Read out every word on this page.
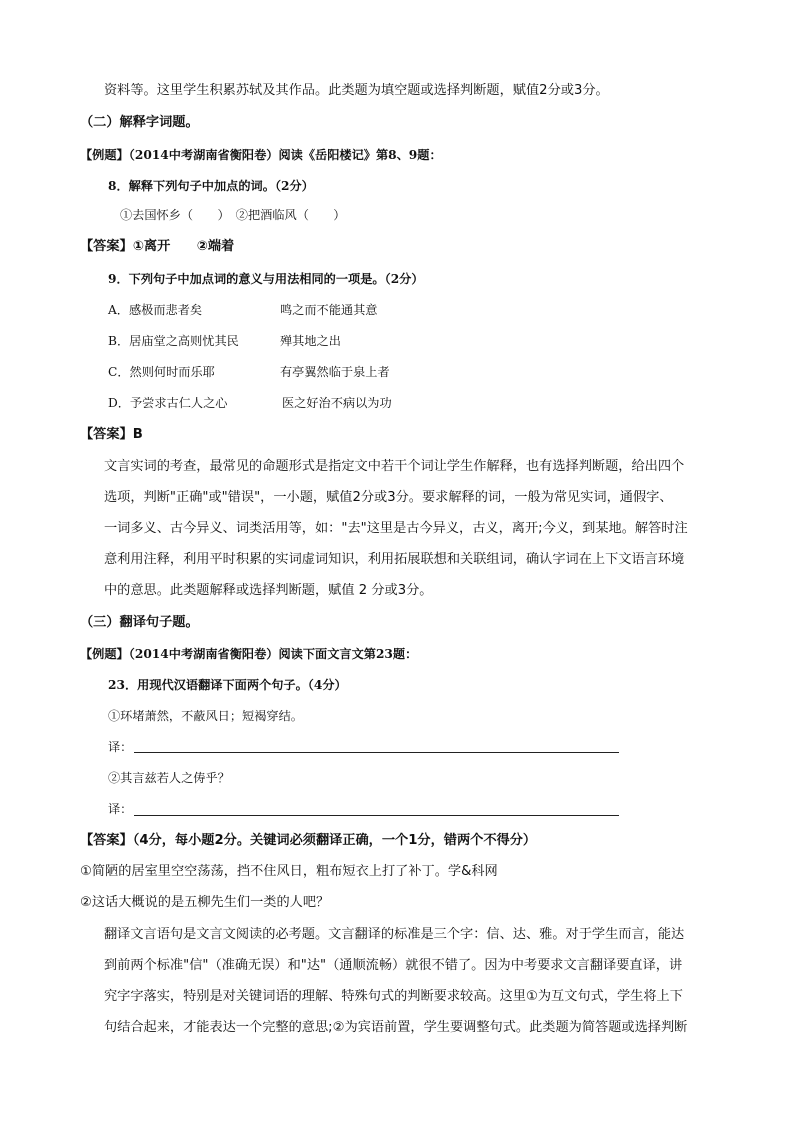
资料等。这里学生积累苏轼及其作品。此类题为填空题或选择判断题，赋值2分或3分。
（二）解释字词题。
【例题】（2014中考湖南省衡阳卷）阅读《岳阳楼记》第8、9题：
8．解释下列句子中加点的词。（2分）
①去国怀乡（　　）　②把酒临风（　　）
【答案】①离开　　②端着
9．下列句子中加点词的意义与用法相同的一项是。（2分）
A．感极而悲者矣	鸣之而不能通其意
B．居庙堂之高则忧其民	殚其地之出
C．然则何时而乐耶	有亭翼然临于泉上者
D．予尝求古仁人之心	医之好治不病以为功
【答案】B
文言实词的考查，最常见的命题形式是指定文中若干个词让学生作解释，也有选择判断题，给出四个
选项，判断"正确"或"错误"，一小题，赋值2分或3分。要求解释的词，一般为常见实词，通假字、
一词多义、古今异义、词类活用等，如："去"这里是古今异义，古义，离开;今义，到某地。解答时注
意利用注释，利用平时积累的实词虚词知识，利用拓展联想和关联组词，确认字词在上下文语言环境
中的意思。此类题解释或选择判断题，赋值 2 分或3分。
（三）翻译句子题。
【例题】（2014中考湖南省衡阳卷）阅读下面文言文第23题：
23．用现代汉语翻译下面两个句子。（4分）
①环堵萧然，不蔽风日；短褐穿结。
译：
②其言兹若人之俦乎？
译：
【答案】（4分，每小题2分。关键词必须翻译正确，一个1分，错两个不得分）
①简陋的居室里空空荡荡，挡不住风日，粗布短衣上打了补丁。学&科网
②这话大概说的是五柳先生们一类的人吧？
翻译文言语句是文言文阅读的必考题。文言翻译的标准是三个字：信、达、雅。对于学生而言，能达
到前两个标准"信"（准确无误）和"达"（通顺流畅）就很不错了。因为中考要求文言翻译要直译，讲
究字字落实，特别是对关键词语的理解、特殊句式的判断要求较高。这里①为互文句式，学生将上下
句结合起来，才能表达一个完整的意思;②为宾语前置，学生要调整句式。此类题为简答题或选择判断
